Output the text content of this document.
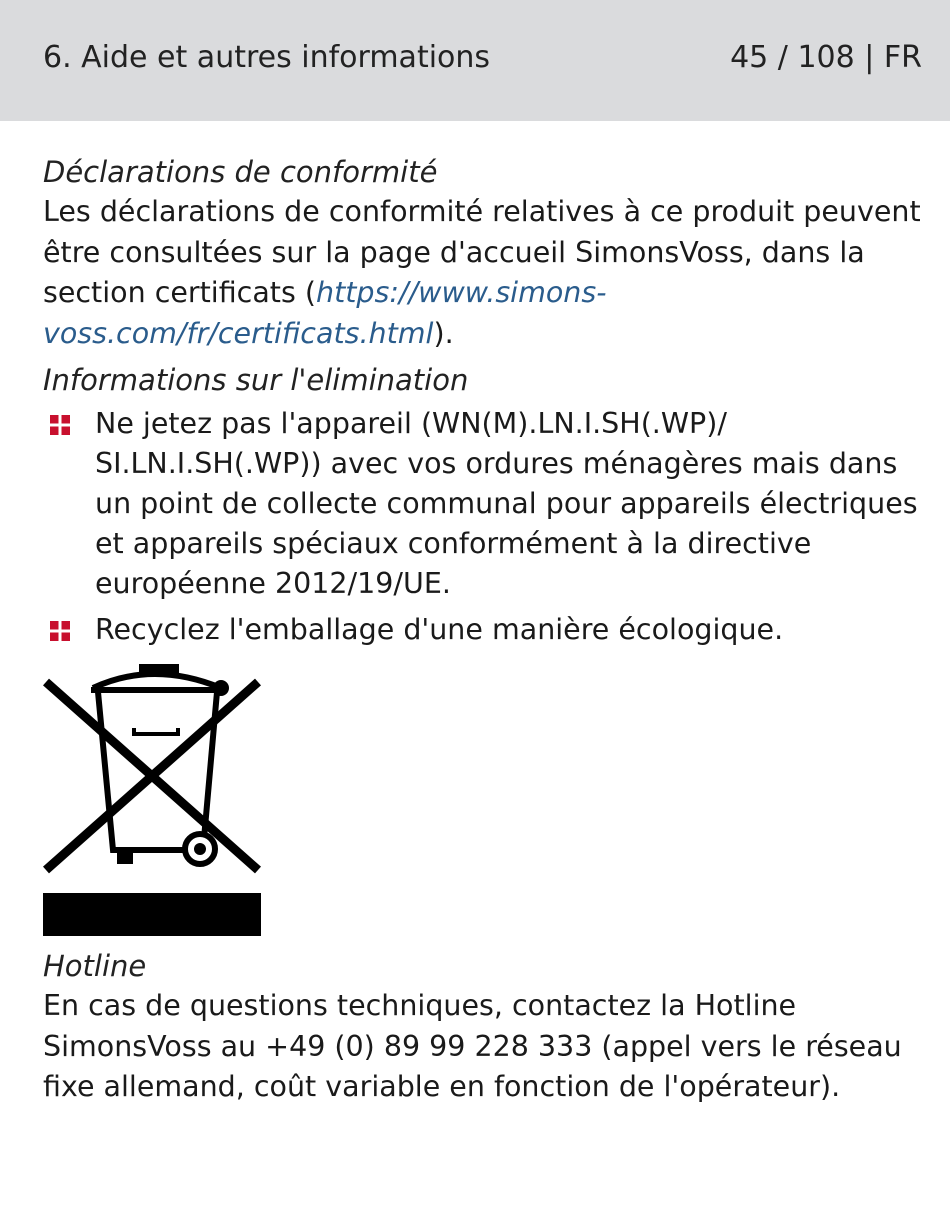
6. Aide et autres informations	45 / 108 | FR
Déclarations de conformité
Les déclarations de conformité relatives à ce produit peuvent être consultées sur la page d'accueil SimonsVoss, dans la section certificats (https://www.simons-voss.com/fr/certificats.html).
Informations sur l'elimination
Ne jetez pas l'appareil (WN(M).LN.I.SH(.WP)/ SI.LN.I.SH(.WP)) avec vos ordures ménagères mais dans un point de collecte communal pour appareils électriques et appareils spéciaux conformément à la directive européenne 2012/19/UE.
Recyclez l'emballage d'une manière écologique.
Hotline
En cas de questions techniques, contactez la Hotline SimonsVoss au +49 (0) 89 99 228 333 (appel vers le réseau fixe allemand, coût variable en fonction de l'opérateur).
